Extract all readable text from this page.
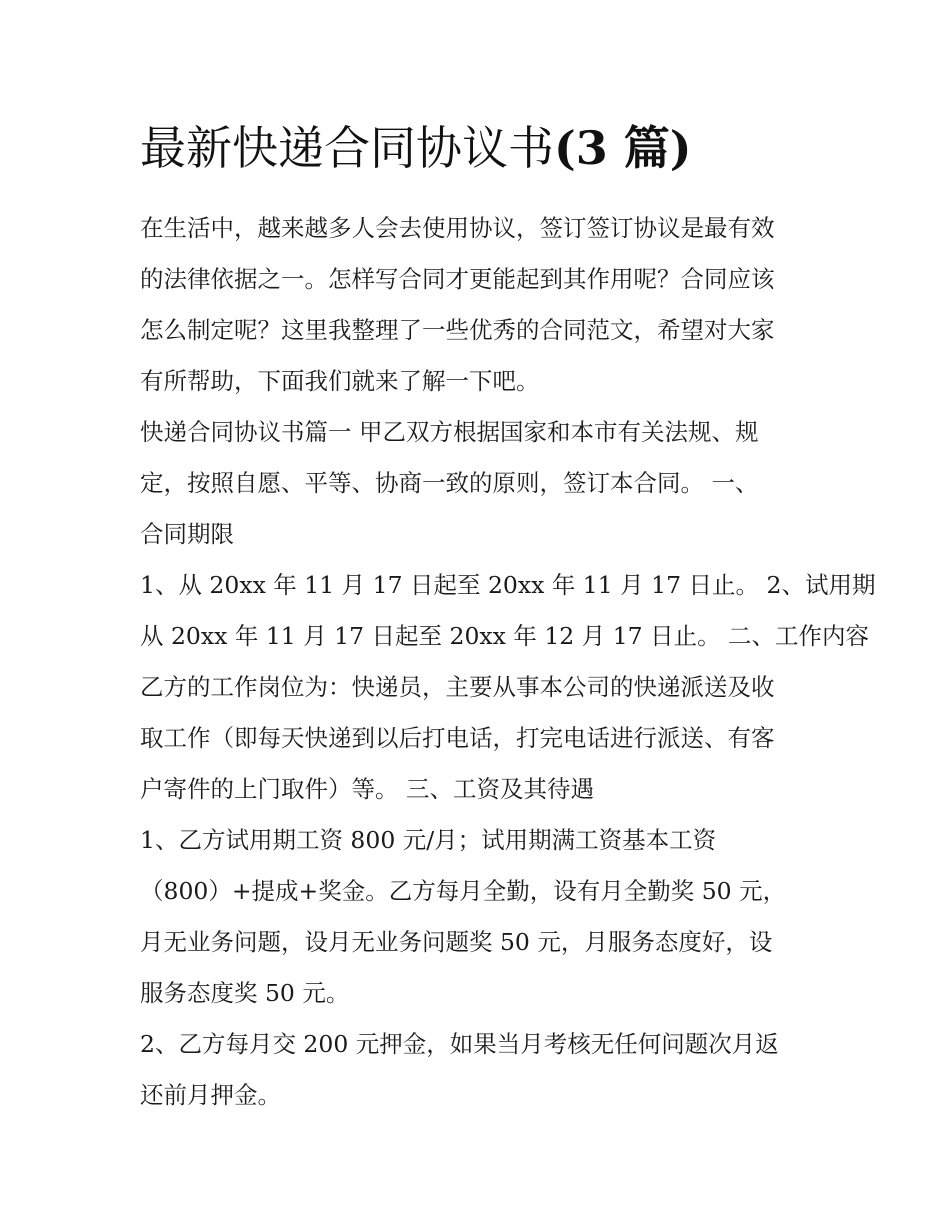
最新快递合同协议书(3 篇)

在生活中，越来越多人会去使用协议，签订签订协议是最有效
的法律依据之一。怎样写合同才更能起到其作用呢？合同应该
怎么制定呢？这里我整理了一些优秀的合同范文，希望对大家
有所帮助，下面我们就来了解一下吧。

快递合同协议书篇一 甲乙双方根据国家和本市有关法规、规
定，按照自愿、平等、协商一致的原则，签订本合同。 一、
合同期限

1、从 20xx 年 11 月 17 日起至 20xx 年 11 月 17 日止。 2、试用期
从 20xx 年 11 月 17 日起至 20xx 年 12 月 17 日止。 二、工作内容
乙方的工作岗位为：快递员，主要从事本公司的快递派送及收
取工作（即每天快递到以后打电话，打完电话进行派送、有客
户寄件的上门取件）等。 三、工资及其待遇

1、乙方试用期工资 800 元/月；试用期满工资基本工资
（800）+提成+奖金。乙方每月全勤，设有月全勤奖 50 元，
月无业务问题，设月无业务问题奖 50 元，月服务态度好，设
服务态度奖 50 元。

2、乙方每月交 200 元押金，如果当月考核无任何问题次月返
还前月押金。
